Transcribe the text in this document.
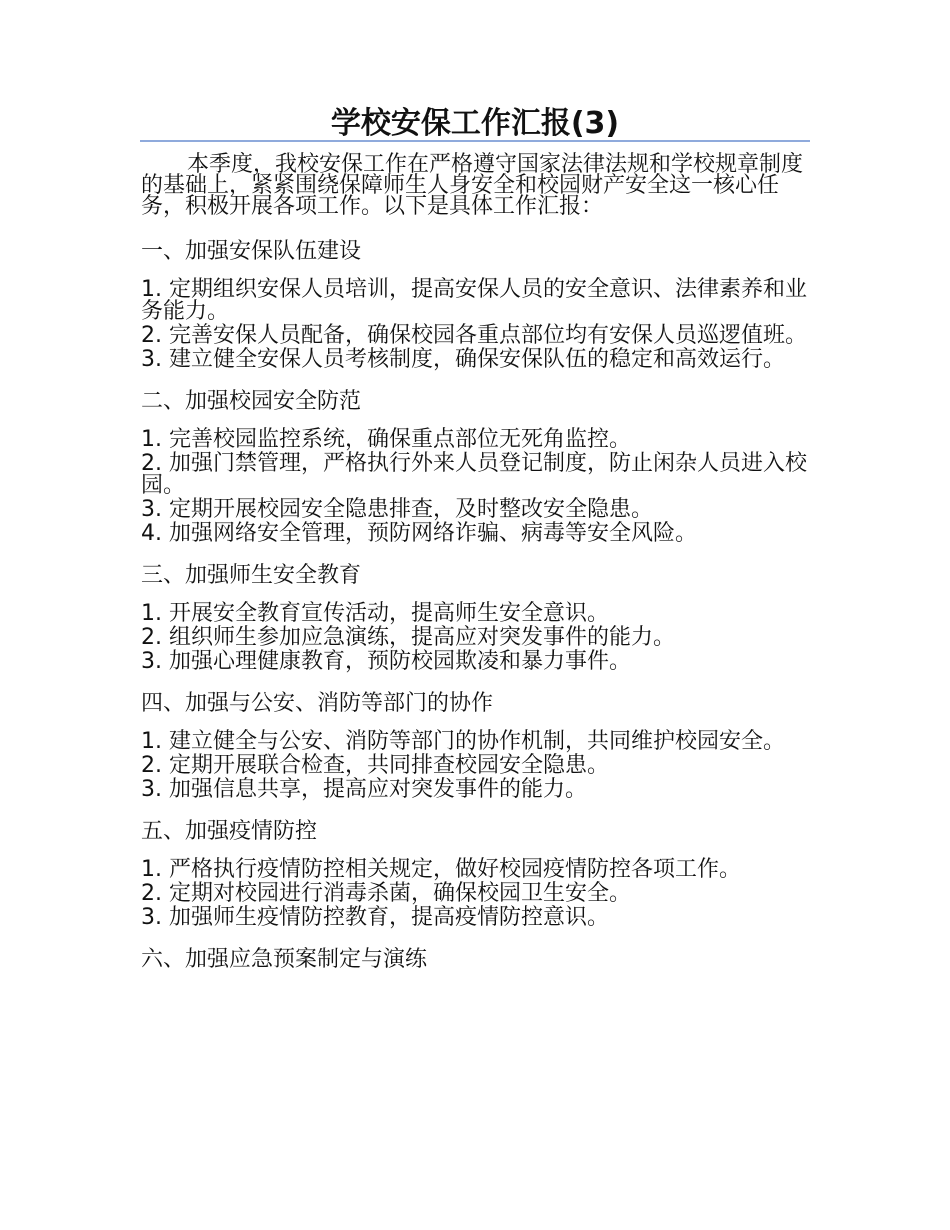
学校安保工作汇报(3)

本季度，我校安保工作在严格遵守国家法律法规和学校规章制度的基础上，紧紧围绕保障师生人身安全和校园财产安全这一核心任务，积极开展各项工作。以下是具体工作汇报：

一、加强安保队伍建设
1. 定期组织安保人员培训，提高安保人员的安全意识、法律素养和业务能力。
2. 完善安保人员配备，确保校园各重点部位均有安保人员巡逻值班。
3. 建立健全安保人员考核制度，确保安保队伍的稳定和高效运行。
二、加强校园安全防范
1. 完善校园监控系统，确保重点部位无死角监控。
2. 加强门禁管理，严格执行外来人员登记制度，防止闲杂人员进入校园。
3. 定期开展校园安全隐患排查，及时整改安全隐患。
4. 加强网络安全管理，预防网络诈骗、病毒等安全风险。
三、加强师生安全教育
1. 开展安全教育宣传活动，提高师生安全意识。
2. 组织师生参加应急演练，提高应对突发事件的能力。
3. 加强心理健康教育，预防校园欺凌和暴力事件。
四、加强与公安、消防等部门的协作
1. 建立健全与公安、消防等部门的协作机制，共同维护校园安全。
2. 定期开展联合检查，共同排查校园安全隐患。
3. 加强信息共享，提高应对突发事件的能力。
五、加强疫情防控
1. 严格执行疫情防控相关规定，做好校园疫情防控各项工作。
2. 定期对校园进行消毒杀菌，确保校园卫生安全。
3. 加强师生疫情防控教育，提高疫情防控意识。
六、加强应急预案制定与演练
